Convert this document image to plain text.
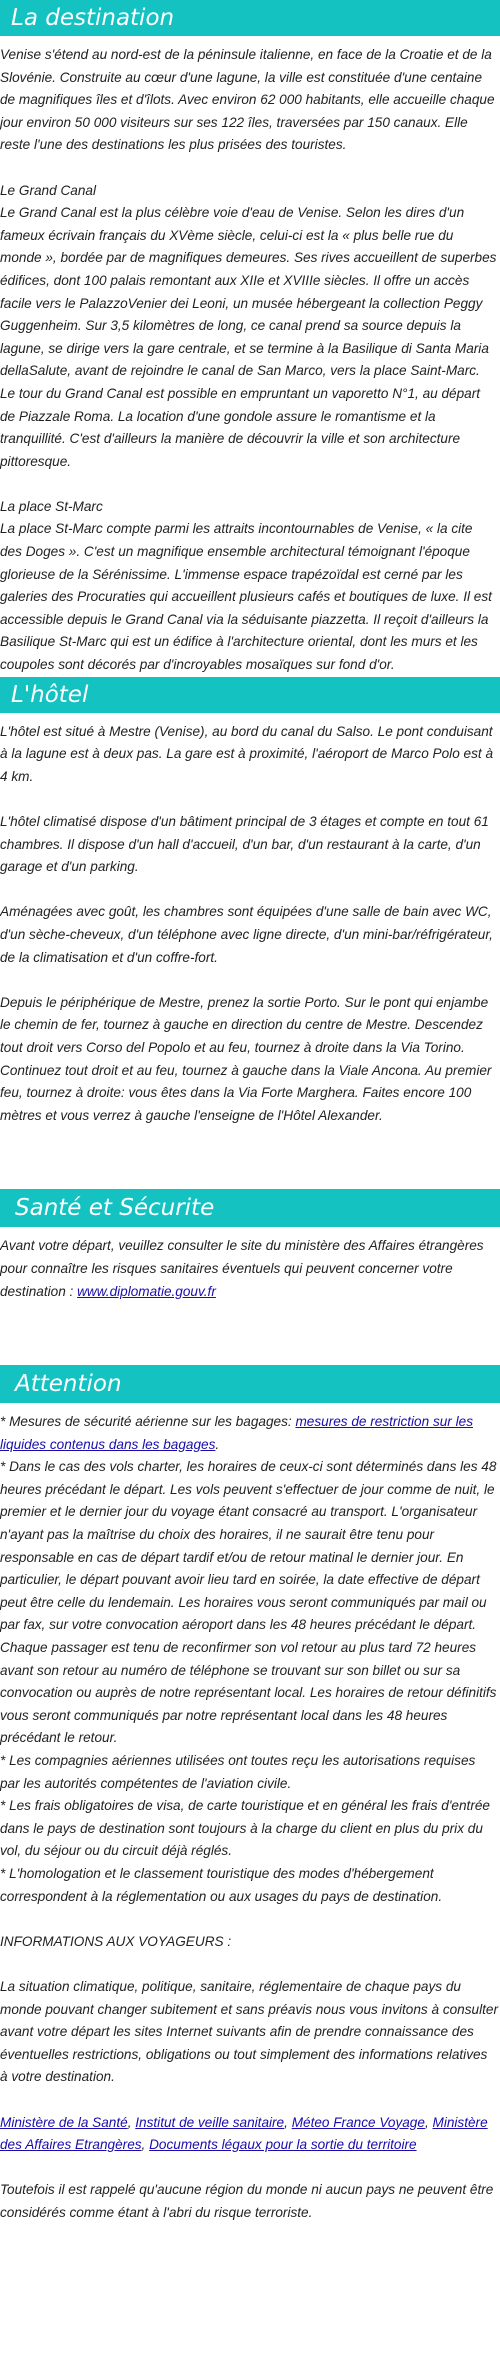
La destination

Venise s'étend au nord-est de la péninsule italienne, en face de la Croatie et de la Slovénie. Construite au cœur d'une lagune, la ville est constituée d'une centaine de magnifiques îles et d'îlots. Avec environ 62 000 habitants, elle accueille chaque jour environ 50 000 visiteurs sur ses 122 îles, traversées par 150 canaux. Elle reste l'une des destinations les plus prisées des touristes.

Le Grand Canal

Le Grand Canal est la plus célèbre voie d'eau de Venise. Selon les dires d'un fameux écrivain français du XVème siècle, celui-ci est la « plus belle rue du monde », bordée par de magnifiques demeures. Ses rives accueillent de superbes édifices, dont 100 palais remontant aux XIIe et XVIIIe siècles. Il offre un accès facile vers le PalazzoVenier dei Leoni, un musée hébergeant la collection Peggy Guggenheim. Sur 3,5 kilomètres de long, ce canal prend sa source depuis la lagune, se dirige vers la gare centrale, et se termine à la Basilique di Santa Maria dellaSalute, avant de rejoindre le canal de San Marco, vers la place Saint-Marc. Le tour du Grand Canal est possible en empruntant un vaporetto N°1, au départ de Piazzale Roma. La location d'une gondole assure le romantisme et la tranquillité. C'est d'ailleurs la manière de découvrir la ville et son architecture pittoresque.

La place St-Marc

La place St-Marc compte parmi les attraits incontournables de Venise, « la cite des Doges ». C'est un magnifique ensemble architectural témoignant l'époque glorieuse de la Sérénissime. L'immense espace trapézoïdal est cerné par les galeries des Procuraties qui accueillent plusieurs cafés et boutiques de luxe. Il est accessible depuis le Grand Canal via la séduisante piazzetta. Il reçoit d'ailleurs la Basilique St-Marc qui est un édifice à l'architecture oriental, dont les murs et les coupoles sont décorés par d'incroyables mosaïques sur fond d'or.

L'hôtel

L'hôtel est situé à Mestre (Venise), au bord du canal du Salso. Le pont conduisant à la lagune est à deux pas. La gare est à proximité, l'aéroport de Marco Polo est à 4 km.

L'hôtel climatisé dispose d'un bâtiment principal de 3 étages et compte en tout 61 chambres. Il dispose d'un hall d'accueil, d'un bar, d'un restaurant à la carte, d'un garage et d'un parking.

Aménagées avec goût, les chambres sont équipées d'une salle de bain avec WC, d'un sèche-cheveux, d'un téléphone avec ligne directe, d'un mini-bar/réfrigérateur, de la climatisation et d'un coffre-fort.

Depuis le périphérique de Mestre, prenez la sortie Porto. Sur le pont qui enjambe le chemin de fer, tournez à gauche en direction du centre de Mestre. Descendez tout droit vers Corso del Popolo et au feu, tournez à droite dans la Via Torino. Continuez tout droit et au feu, tournez à gauche dans la Viale Ancona. Au premier feu, tournez à droite: vous êtes dans la Via Forte Marghera. Faites encore 100 mètres et vous verrez à gauche l'enseigne de l'Hôtel Alexander.

Santé et Sécurite

Avant votre départ, veuillez consulter le site du ministère des Affaires étrangères pour connaître les risques sanitaires éventuels qui peuvent concerner votre destination : www.diplomatie.gouv.fr

Attention

* Mesures de sécurité aérienne sur les bagages: mesures de restriction sur les liquides contenus dans les bagages.

* Dans le cas des vols charter, les horaires de ceux-ci sont déterminés dans les 48 heures précédant le départ. Les vols peuvent s'effectuer de jour comme de nuit, le premier et le dernier jour du voyage étant consacré au transport. L'organisateur n'ayant pas la maîtrise du choix des horaires, il ne saurait être tenu pour responsable en cas de départ tardif et/ou de retour matinal le dernier jour. En particulier, le départ pouvant avoir lieu tard en soirée, la date effective de départ peut être celle du lendemain. Les horaires vous seront communiqués par mail ou par fax, sur votre convocation aéroport dans les 48 heures précédant le départ. Chaque passager est tenu de reconfirmer son vol retour au plus tard 72 heures avant son retour au numéro de téléphone se trouvant sur son billet ou sur sa convocation ou auprès de notre représentant local. Les horaires de retour définitifs vous seront communiqués par notre représentant local dans les 48 heures précédant le retour.

* Les compagnies aériennes utilisées ont toutes reçu les autorisations requises par les autorités compétentes de l'aviation civile.

* Les frais obligatoires de visa, de carte touristique et en général les frais d'entrée dans le pays de destination sont toujours à la charge du client en plus du prix du vol, du séjour ou du circuit déjà réglés.

* L'homologation et le classement touristique des modes d'hébergement correspondent à la réglementation ou aux usages du pays de destination.

INFORMATIONS AUX VOYAGEURS :

La situation climatique, politique, sanitaire, réglementaire de chaque pays du monde pouvant changer subitement et sans préavis nous vous invitons à consulter avant votre départ les sites Internet suivants afin de prendre connaissance des éventuelles restrictions, obligations ou tout simplement des informations relatives à votre destination.

Ministère de la Santé, Institut de veille sanitaire, Méteo France Voyage, Ministère des Affaires Etrangères, Documents légaux pour la sortie du territoire

Toutefois il est rappelé qu'aucune région du monde ni aucun pays ne peuvent être considérés comme étant à l'abri du risque terroriste.
